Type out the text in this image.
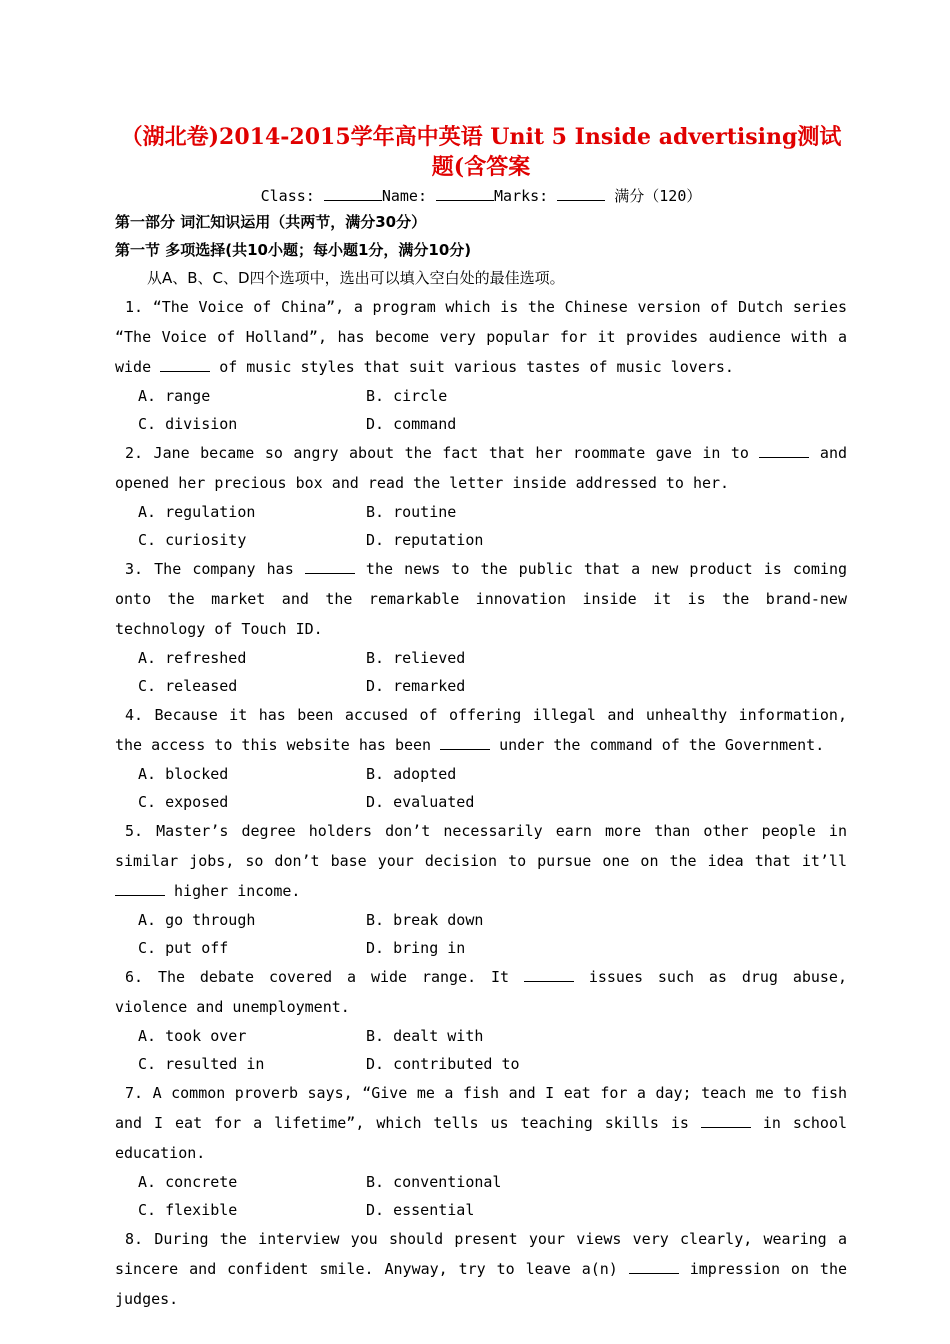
（湖北卷)2014-2015学年高中英语 Unit 5 Inside advertising测试题(含答案
Class:	Name:	Marks:	满分（120）
第一部分 词汇知识运用（共两节，满分30分）
第一节 多项选择(共10小题；每小题1分，满分10分)
从A、B、C、D四个选项中，选出可以填入空白处的最佳选项。

1. “The Voice of China”, a program which is the Chinese version of Dutch series “The Voice of Holland”, has become very popular for it provides audience with a wide	of music styles that suit various tastes of music lovers.

A. range	B. circle
C. division	D. command

2. Jane became so angry about the fact that her roommate gave in to	and opened her precious box and read the letter inside addressed to her.

A. regulation	B. routine
C. curiosity	D. reputation

3. The company has	the news to the public that a new product is coming onto the market and the remarkable innovation inside it is the brand-new technology of Touch ID.

A. refreshed	B. relieved
C. released	D. remarked

4. Because it has been accused of offering illegal and unhealthy information, the access to this website has been	under the command of the Government.

A. blocked	B. adopted
C. exposed	D. evaluated

5. Master’s degree holders don’t necessarily earn more than other people in similar jobs, so don’t base your decision to pursue one on the idea that it’ll  higher income.

A. go through	B. break down
C. put off	D. bring in

6. The debate covered a wide range. It	issues such as drug abuse, violence and unemployment.

A. took over	B. dealt with
C. resulted in	D. contributed to

7. A common proverb says, “Give me a fish and I eat for a day; teach me to fish and I eat for a lifetime”, which tells us teaching skills is	in school education.

A. concrete	B. conventional
C. flexible	D. essential

8. During the interview you should present your views very clearly, wearing a sincere and confident smile. Anyway, try to leave a(n)	impression on the judges.
